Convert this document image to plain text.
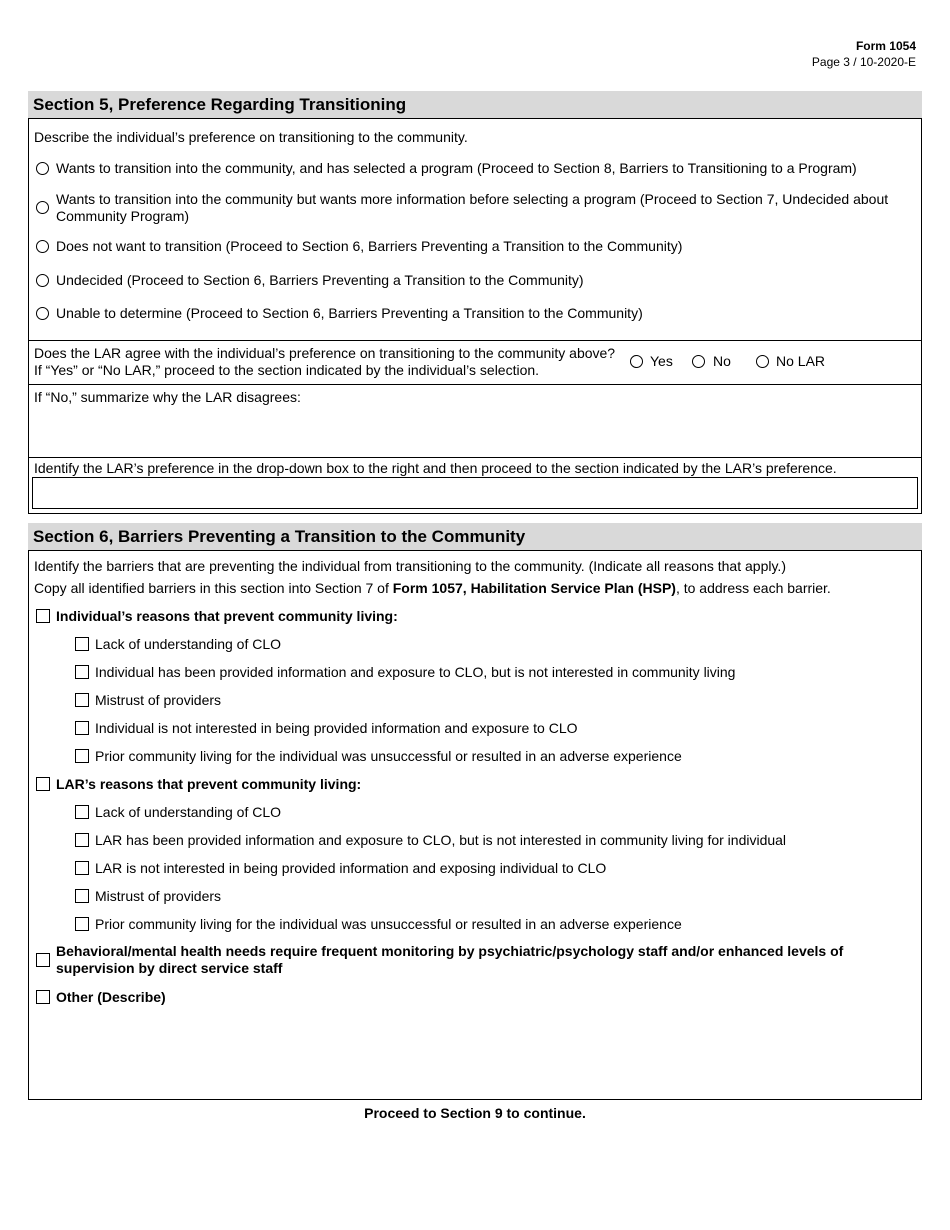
Form 1054
Page 3 / 10-2020-E
Section 5, Preference Regarding Transitioning
Describe the individual’s preference on transitioning to the community.
Wants to transition into the community, and has selected a program (Proceed to Section 8, Barriers to Transitioning to a Program)
Wants to transition into the community but wants more information before selecting a program (Proceed to Section 7, Undecided about
Community Program)
Does not want to transition (Proceed to Section 6, Barriers Preventing a Transition to the Community)
Undecided (Proceed to Section 6, Barriers Preventing a Transition to the Community)
Unable to determine (Proceed to Section 6, Barriers Preventing a Transition to the Community)
Does the LAR agree with the individual’s preference on transitioning to the community above?
If “Yes” or “No LAR,” proceed to the section indicated by the individual’s selection.
Yes	No	No LAR
If “No,” summarize why the LAR disagrees:
Identify the LAR’s preference in the drop-down box to the right and then proceed to the section indicated by the LAR’s preference.
Section 6, Barriers Preventing a Transition to the Community
Identify the barriers that are preventing the individual from transitioning to the community. (Indicate all reasons that apply.)
Copy all identified barriers in this section into Section 7 of Form 1057, Habilitation Service Plan (HSP), to address each barrier.
Individual’s reasons that prevent community living:
Lack of understanding of CLO
Individual has been provided information and exposure to CLO, but is not interested in community living
Mistrust of providers
Individual is not interested in being provided information and exposure to CLO
Prior community living for the individual was unsuccessful or resulted in an adverse experience
LAR’s reasons that prevent community living:
Lack of understanding of CLO
LAR has been provided information and exposure to CLO, but is not interested in community living for individual
LAR is not interested in being provided information and exposing individual to CLO
Mistrust of providers
Prior community living for the individual was unsuccessful or resulted in an adverse experience
Behavioral/mental health needs require frequent monitoring by psychiatric/psychology staff and/or enhanced levels of
supervision by direct service staff
Other (Describe)
Proceed to Section 9 to continue.
